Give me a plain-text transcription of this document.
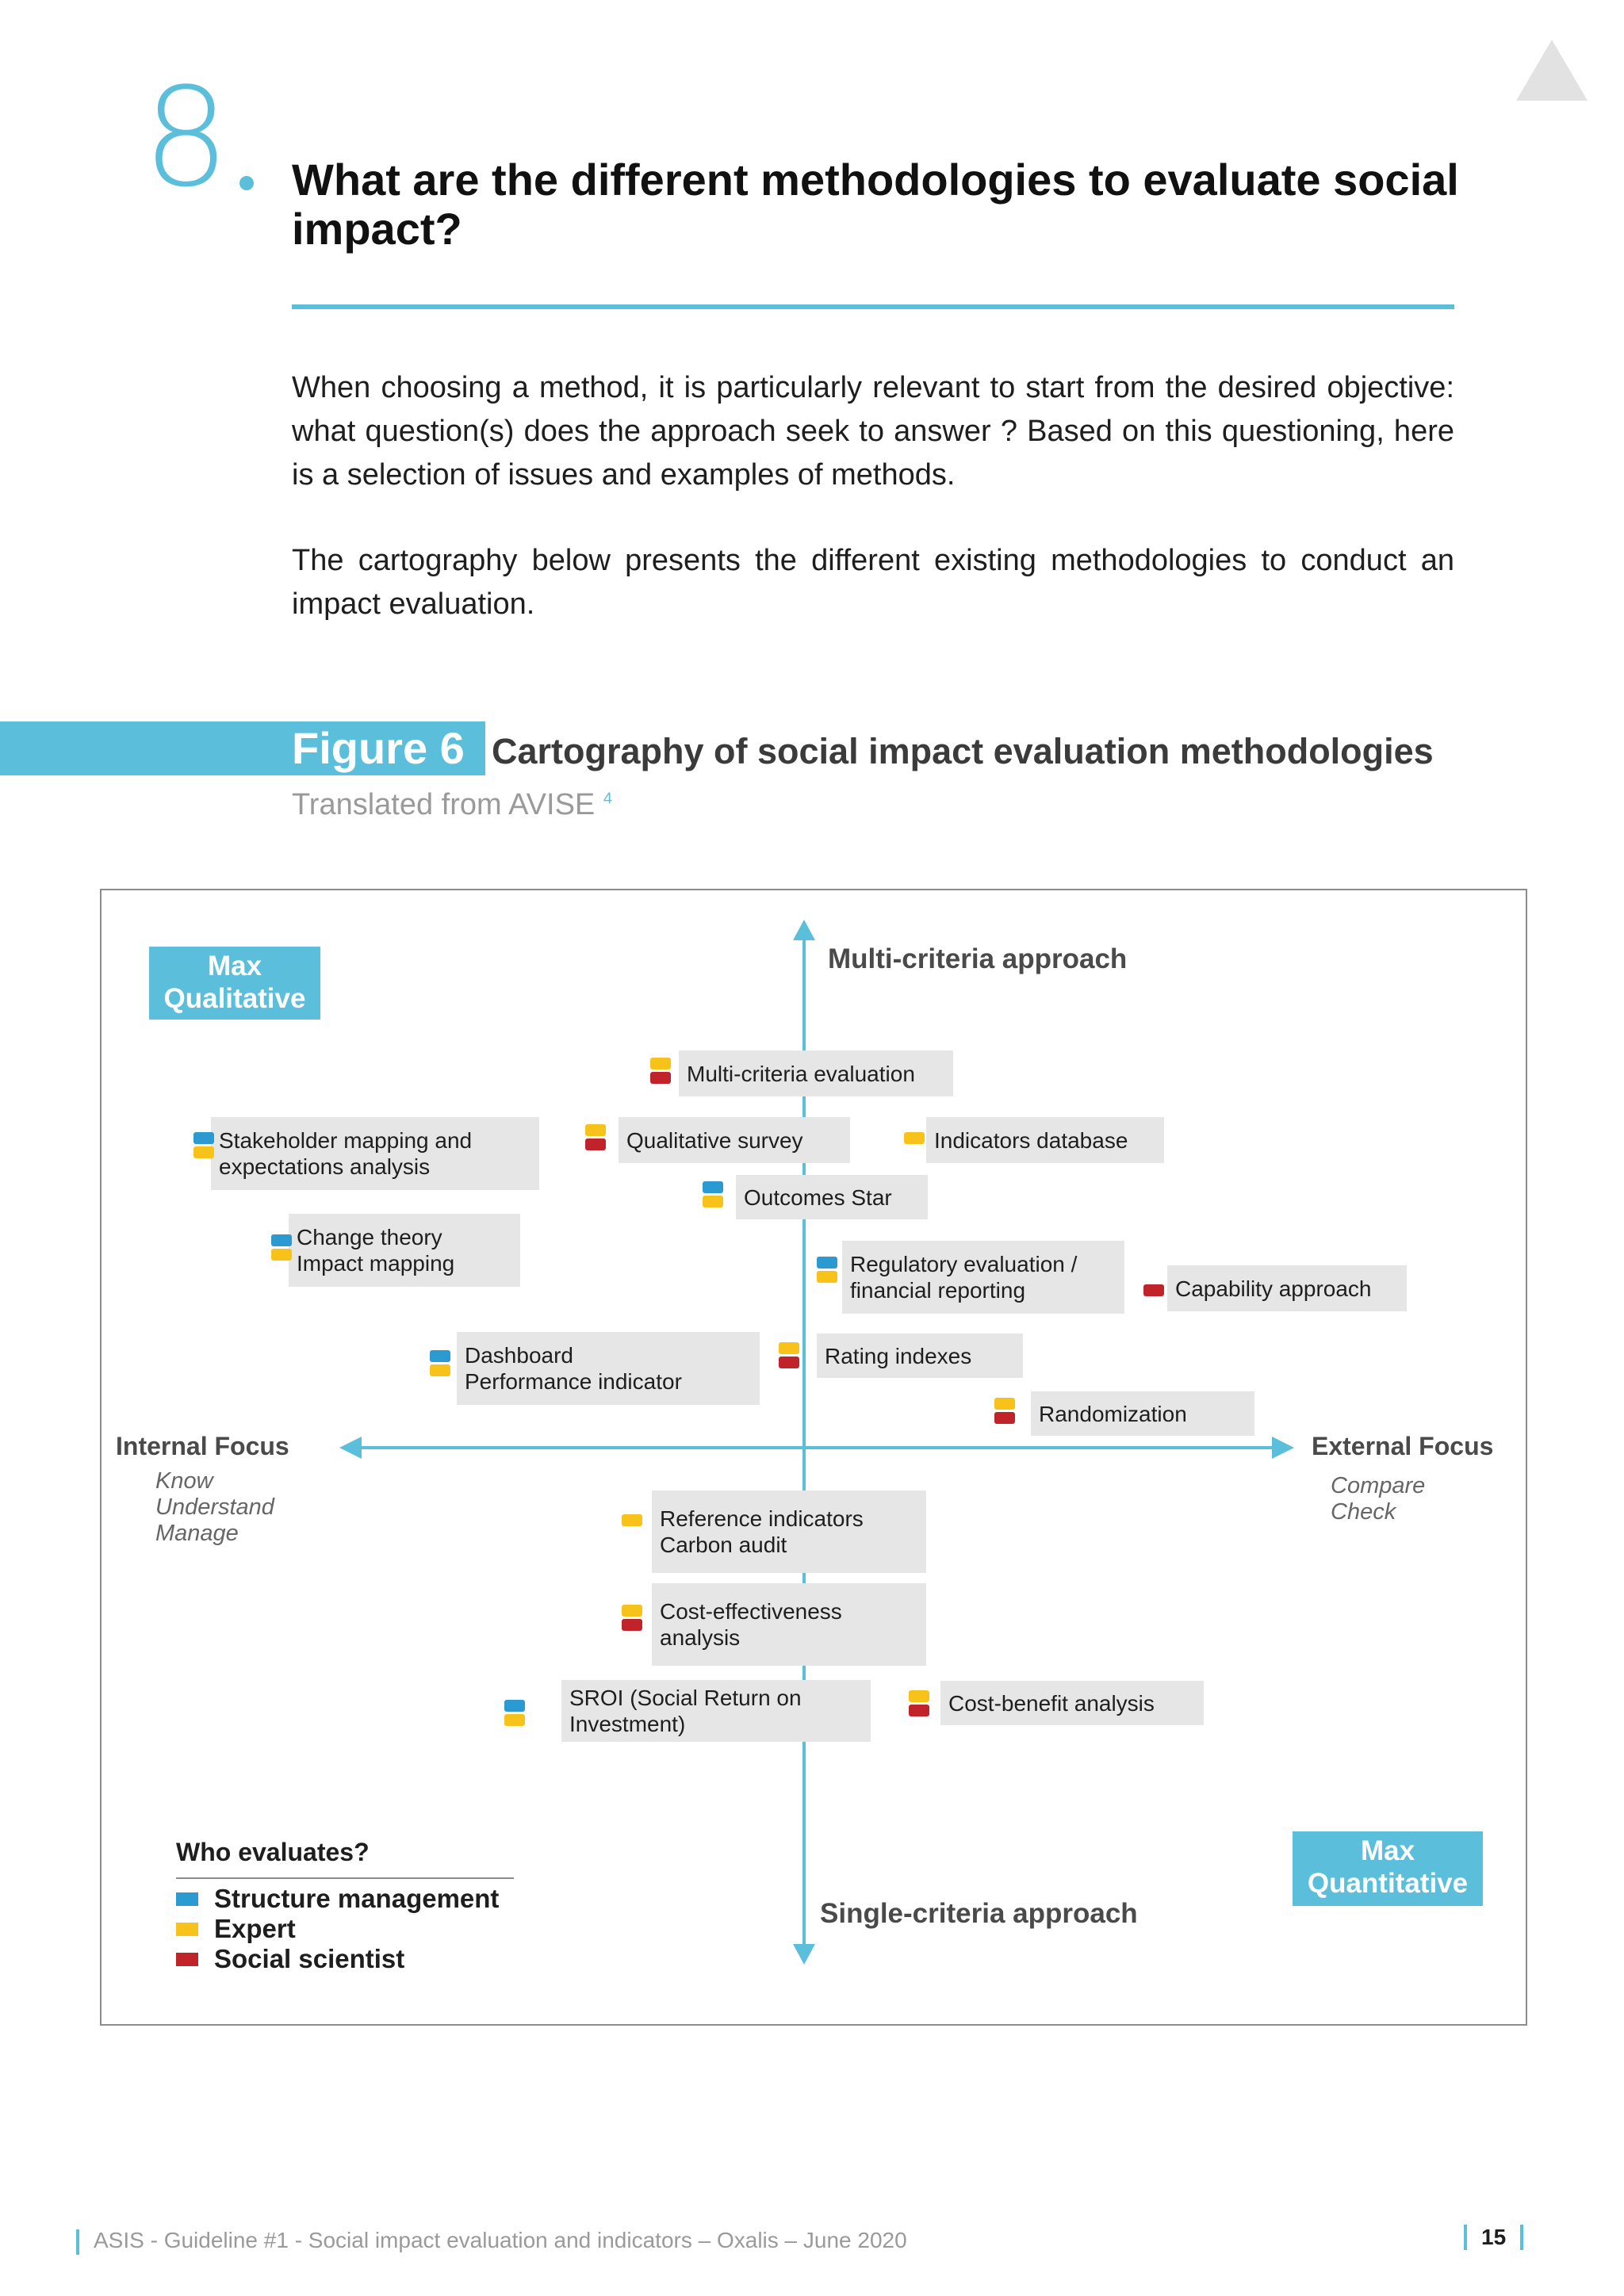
8 What are the different methodologies to evaluate social impact?

When choosing a method, it is particularly relevant to start from the desired objective: what question(s) does the approach seek to answer ? Based on this questioning, here is a selection of issues and examples of methods.

The cartography below presents the different existing methodologies to conduct an impact evaluation.

Figure 6 Cartography of social impact evaluation methodologies
Translated from AVISE $^4$
Max
Qualitative
Max
Quantitative
Multi-criteria approach
Single-criteria approach
Internal Focus
Know
Understand
Manage
External Focus
Compare
Check
Multi-criteria evaluation
Stakeholder mapping and
expectations analysis
Qualitative survey	Indicators database
Outcomes Star
Change theory
Impact mapping	Regulatory evaluation /
financial reporting	Capability approach
Dashboard
Performance indicator
Rating indexes
Randomization
Reference indicators
Carbon audit
Cost-effectiveness
analysis
SROI (Social Return on
Investment)
Cost-benefit analysis
Who evaluates?
Structure management
Expert
Social scientist
ASIS - Guideline #1 - Social impact evaluation and indicators – Oxalis – June 2020	15
